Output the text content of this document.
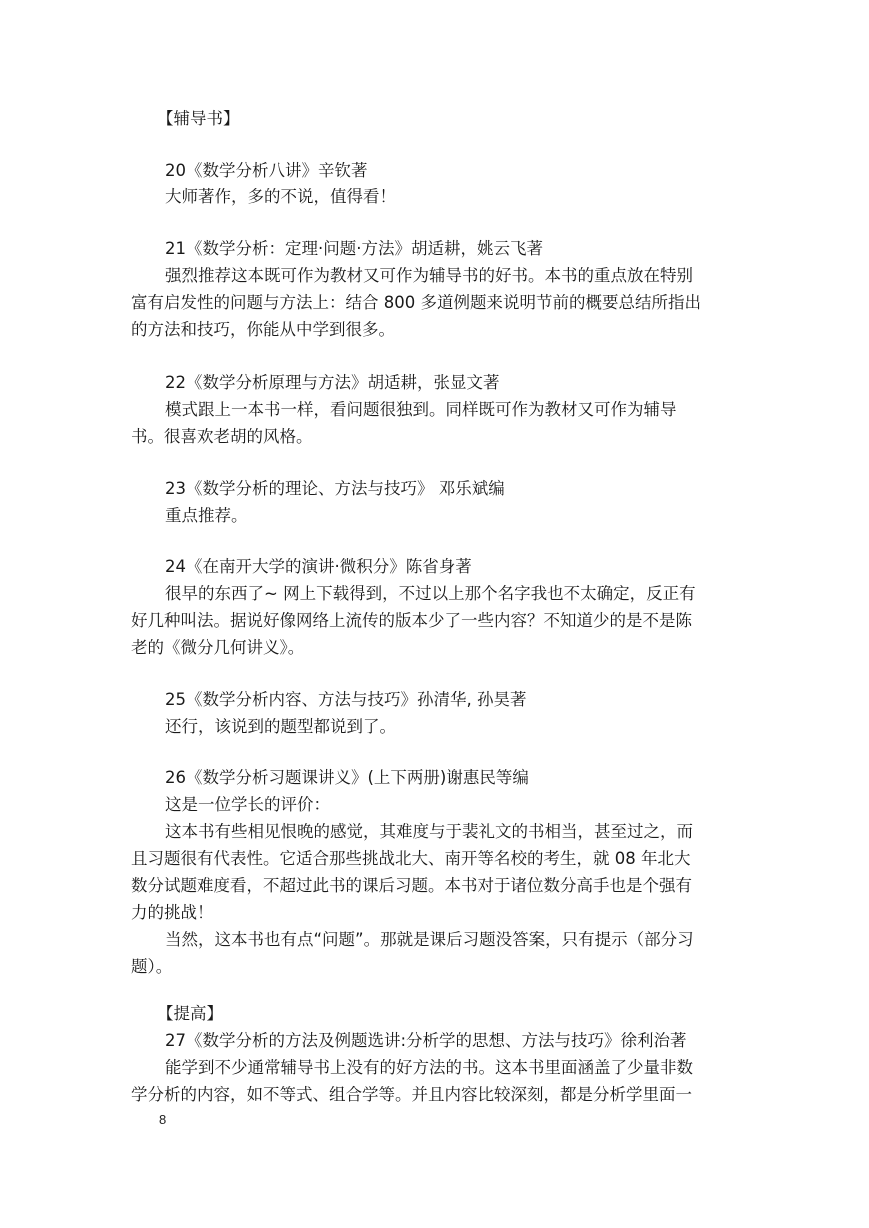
【辅导书】
20《数学分析八讲》辛钦著
大师著作，多的不说，值得看！
21《数学分析：定理·问题·方法》胡适耕，姚云飞著
强烈推荐这本既可作为教材又可作为辅导书的好书。本书的重点放在特别
富有启发性的问题与方法上：结合 800 多道例题来说明节前的概要总结所指出
的方法和技巧，你能从中学到很多。
22《数学分析原理与方法》胡适耕，张显文著
模式跟上一本书一样，看问题很独到。同样既可作为教材又可作为辅导
书。很喜欢老胡的风格。
23《数学分析的理论、方法与技巧》 邓乐斌编
重点推荐。
24《在南开大学的演讲·微积分》陈省身著
很早的东西了~ 网上下载得到，不过以上那个名字我也不太确定，反正有
好几种叫法。据说好像网络上流传的版本少了一些内容？不知道少的是不是陈
老的《微分几何讲义》。
25《数学分析内容、方法与技巧》孙清华, 孙昊著
还行，该说到的题型都说到了。
26《数学分析习题课讲义》(上下两册)谢惠民等编
这是一位学长的评价：
这本书有些相见恨晚的感觉，其难度与于裴礼文的书相当，甚至过之，而
且习题很有代表性。它适合那些挑战北大、南开等名校的考生，就 08 年北大
数分试题难度看，不超过此书的课后习题。本书对于诸位数分高手也是个强有
力的挑战！
当然，这本书也有点“问题”。那就是课后习题没答案，只有提示（部分习
题）。
【提高】
27《数学分析的方法及例题选讲:分析学的思想、方法与技巧》徐利治著
能学到不少通常辅导书上没有的好方法的书。这本书里面涵盖了少量非数
学分析的内容，如不等式、组合学等。并且内容比较深刻，都是分析学里面一
8
